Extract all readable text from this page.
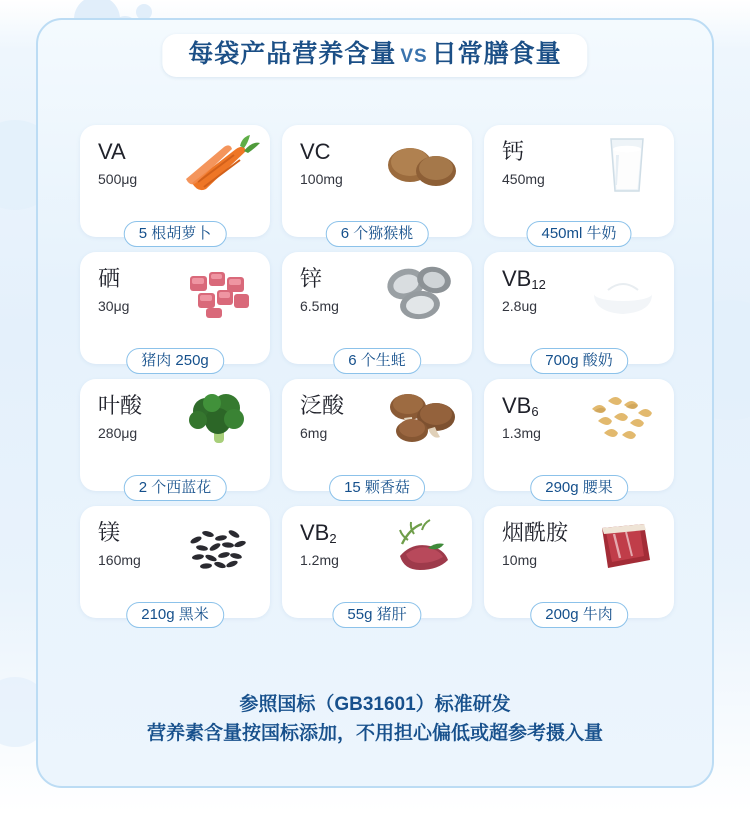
每袋产品营养含量 VS 日常膳食量
VA
500μg
5 根胡萝卜
VC
100mg
6 个猕猴桃
钙
450mg
450ml 牛奶
硒
30μg
猪肉 250g
锌
6.5mg
6 个生蚝
$VB_{12}$
2.8ug
700g 酸奶
叶酸
280μg
2 个西蓝花
泛酸
6mg
15 颗香菇
$VB_6$
1.3mg
290g 腰果
镁
160mg
210g 黑米
$VB_2$
1.2mg
55g 猪肝
烟酰胺
10mg
200g 牛肉
参照国标（GB31601）标准研发
营养素含量按国标添加，不用担心偏低或超参考摄入量
